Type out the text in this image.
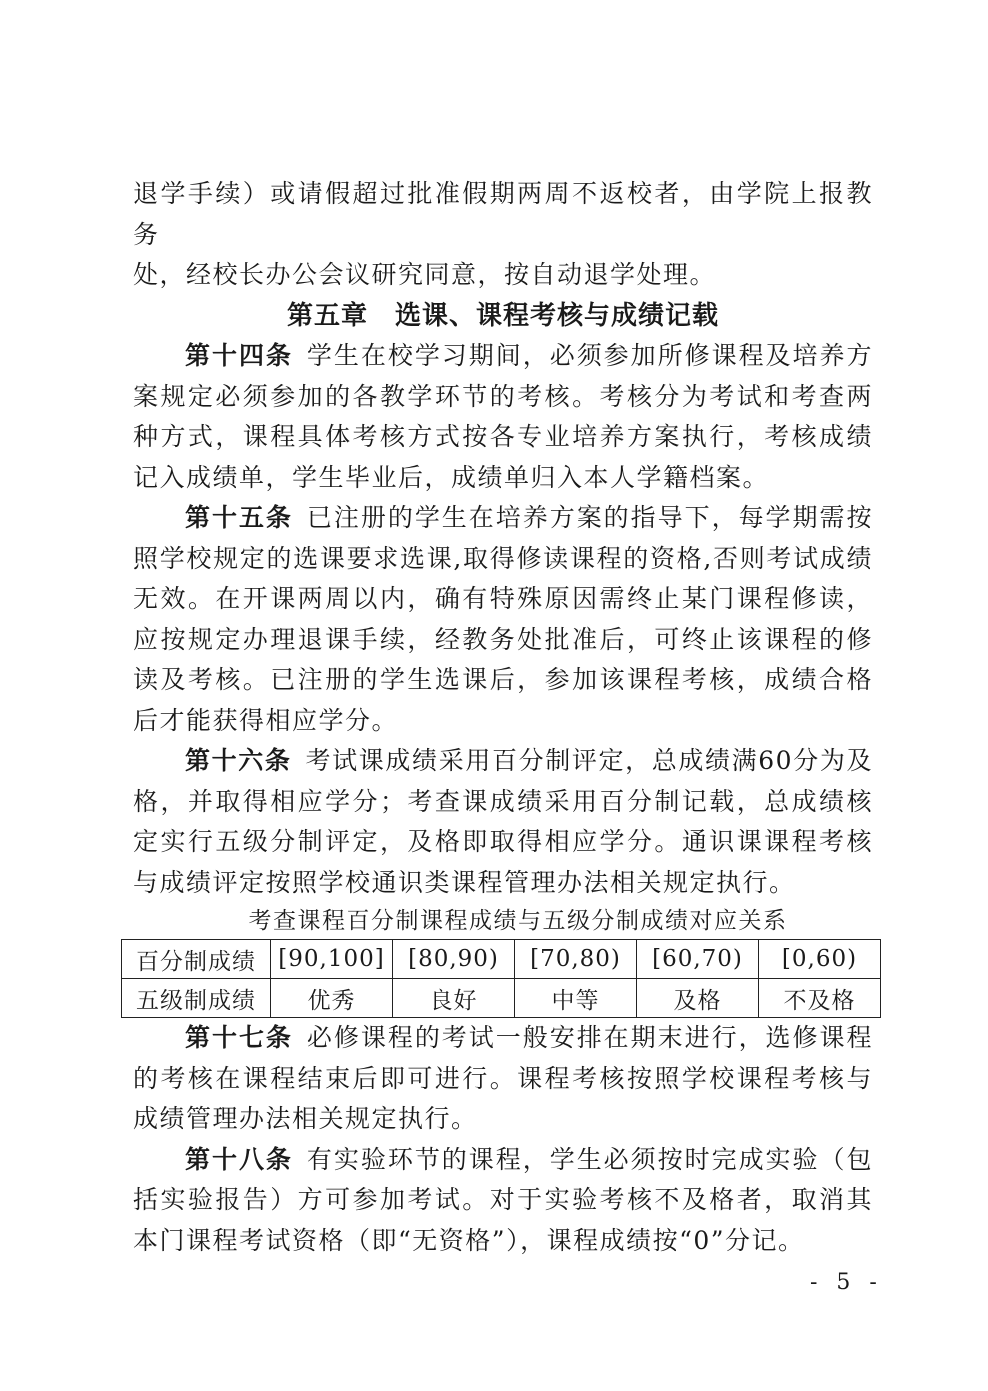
退学手续）或请假超过批准假期两周不返校者，由学院上报教务

处，经校长办公会议研究同意，按自动退学处理。

第五章　选课、课程考核与成绩记载

第十四条 学生在校学习期间，必须参加所修课程及培养方案规定必须参加的各教学环节的考核。考核分为考试和考查两种方式，课程具体考核方式按各专业培养方案执行，考核成绩记入成绩单，学生毕业后，成绩单归入本人学籍档案。

第十五条 已注册的学生在培养方案的指导下，每学期需按照学校规定的选课要求选课,取得修读课程的资格,否则考试成绩无效。在开课两周以内，确有特殊原因需终止某门课程修读，应按规定办理退课手续，经教务处批准后，可终止该课程的修读及考核。已注册的学生选课后，参加该课程考核，成绩合格后才能获得相应学分。

第十六条 考试课成绩采用百分制评定，总成绩满60分为及格，并取得相应学分；考查课成绩采用百分制记载，总成绩核定实行五级分制评定，及格即取得相应学分。通识课课程考核与成绩评定按照学校通识类课程管理办法相关规定执行。

考查课程百分制课程成绩与五级分制成绩对应关系

百分制成绩	[90,100]	[80,90)	[70,80)	[60,70)	[0,60)
五级制成绩	优秀	良好	中等	及格	不及格

第十七条 必修课程的考试一般安排在期末进行，选修课程的考核在课程结束后即可进行。课程考核按照学校课程考核与成绩管理办法相关规定执行。

第十八条 有实验环节的课程，学生必须按时完成实验（包括实验报告）方可参加考试。对于实验考核不及格者，取消其本门课程考试资格（即“无资格”），课程成绩按“0”分记。

- 5 -
